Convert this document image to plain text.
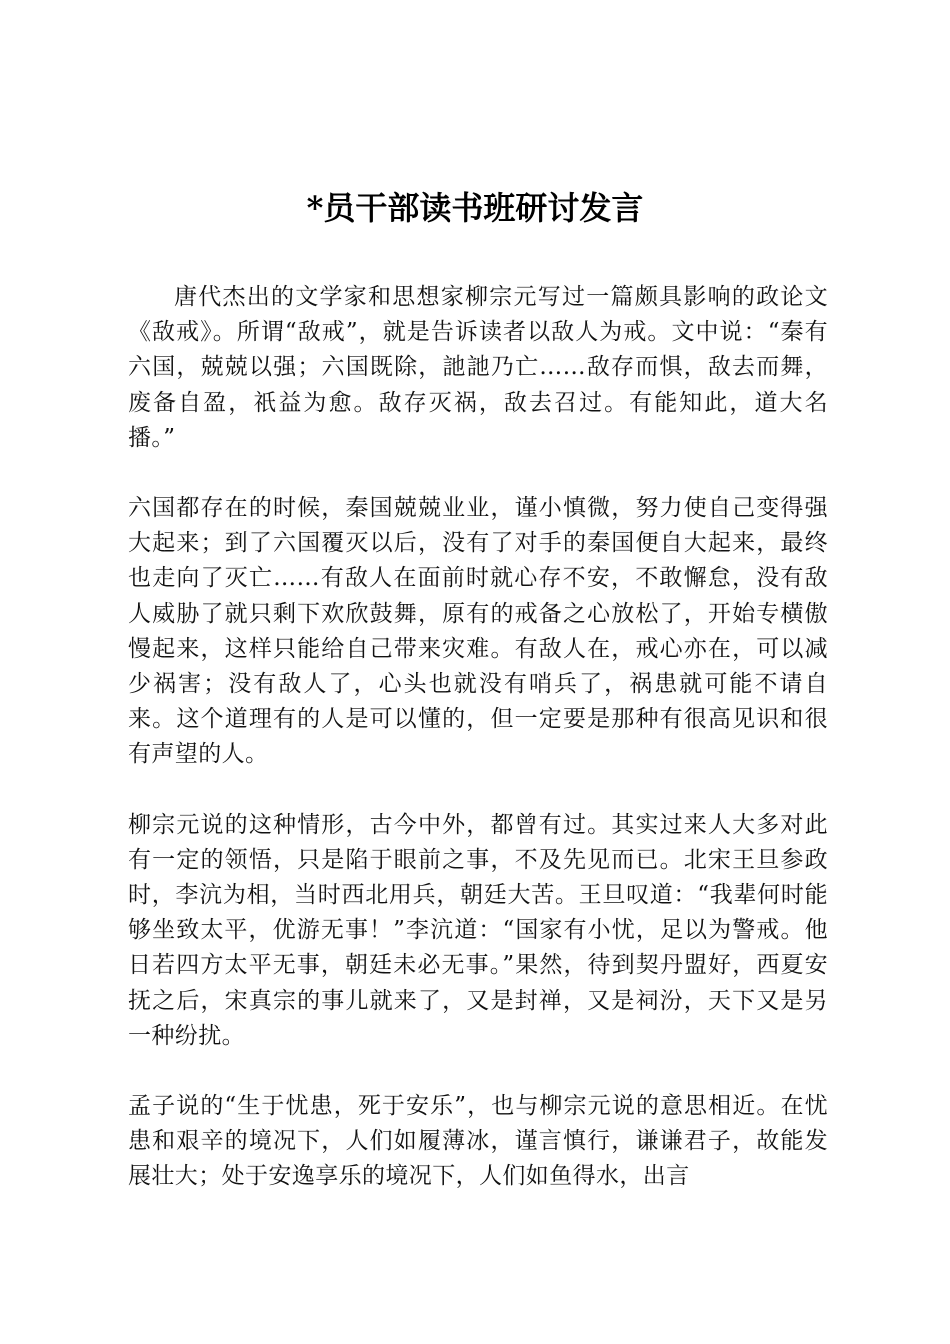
*员干部读书班研讨发言

唐代杰出的文学家和思想家柳宗元写过一篇颇具影响的政论文《敌戒》。所谓“敌戒”，就是告诉读者以敌人为戒。文中说：“秦有六国，兢兢以强；六国既除，訑訑乃亡……敌存而惧，敌去而舞，废备自盈，祇益为愈。敌存灭祸，敌去召过。有能知此，道大名播。”

六国都存在的时候，秦国兢兢业业，谨小慎微，努力使自己变得强大起来；到了六国覆灭以后，没有了对手的秦国便自大起来，最终也走向了灭亡……有敌人在面前时就心存不安，不敢懈怠，没有敌人威胁了就只剩下欢欣鼓舞，原有的戒备之心放松了，开始专横傲慢起来，这样只能给自己带来灾难。有敌人在，戒心亦在，可以减少祸害；没有敌人了，心头也就没有哨兵了，祸患就可能不请自来。这个道理有的人是可以懂的，但一定要是那种有很高见识和很有声望的人。

柳宗元说的这种情形，古今中外，都曾有过。其实过来人大多对此有一定的领悟，只是陷于眼前之事，不及先见而已。北宋王旦参政时，李沆为相，当时西北用兵，朝廷大苦。王旦叹道：“我辈何时能够坐致太平，优游无事！”李沆道：“国家有小忧，足以为警戒。他日若四方太平无事，朝廷未必无事。”果然，待到契丹盟好，西夏安抚之后，宋真宗的事儿就来了，又是封禅，又是祠汾，天下又是另一种纷扰。

孟子说的“生于忧患，死于安乐”，也与柳宗元说的意思相近。在忧患和艰辛的境况下，人们如履薄冰，谨言慎行，谦谦君子，故能发展壮大；处于安逸享乐的境况下，人们如鱼得水，出言
